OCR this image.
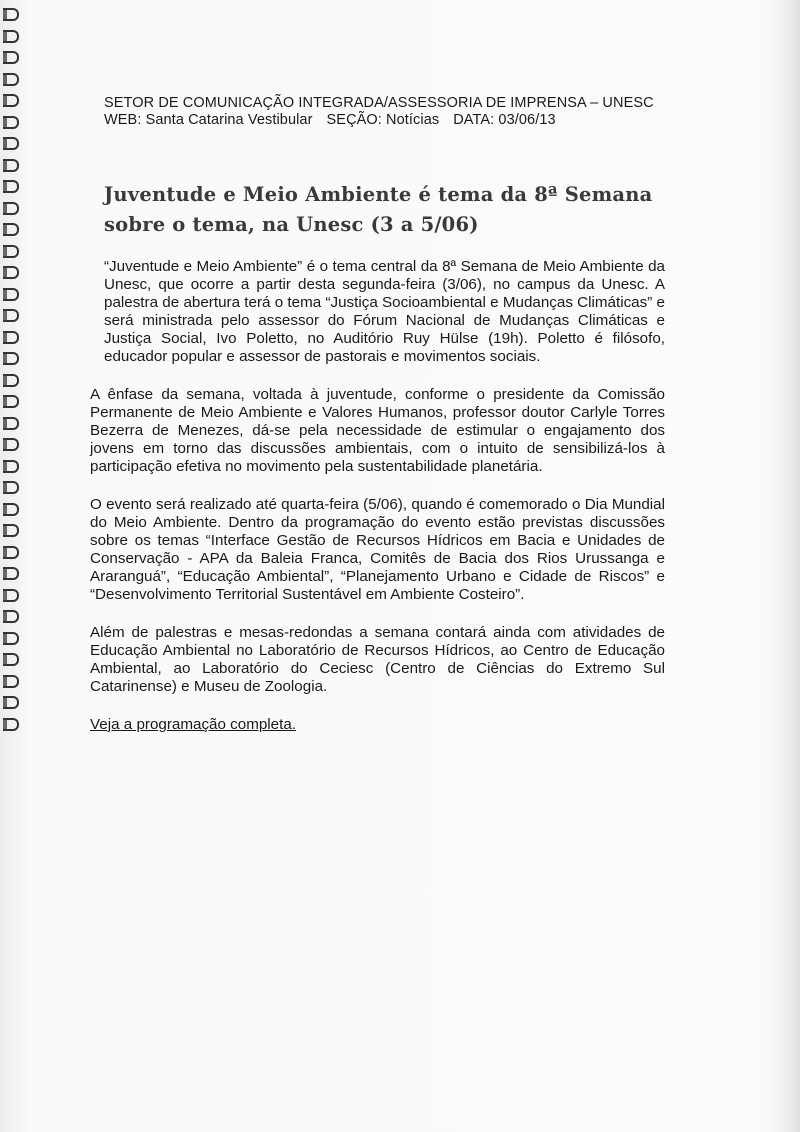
SETOR DE COMUNICAÇÃO INTEGRADA/ASSESSORIA DE IMPRENSA – UNESC
WEB: Santa Catarina Vestibular SEÇÃO: Notícias DATA: 03/06/13
Juventude e Meio Ambiente é tema da 8ª Semana sobre o tema, na Unesc (3 a 5/06)

“Juventude e Meio Ambiente” é o tema central da 8ª Semana de Meio Ambiente da Unesc, que ocorre a partir desta segunda-feira (3/06), no campus da Unesc. A palestra de abertura terá o tema “Justiça Socioambiental e Mudanças Climáticas” e será ministrada pelo assessor do Fórum Nacional de Mudanças Climáticas e Justiça Social, Ivo Poletto, no Auditório Ruy Hülse (19h). Poletto é filósofo, educador popular e assessor de pastorais e movimentos sociais.

A ênfase da semana, voltada à juventude, conforme o presidente da Comissão Permanente de Meio Ambiente e Valores Humanos, professor doutor Carlyle Torres Bezerra de Menezes, dá-se pela necessidade de estimular o engajamento dos jovens em torno das discussões ambientais, com o intuito de sensibilizá-los à participação efetiva no movimento pela sustentabilidade planetária.

O evento será realizado até quarta-feira (5/06), quando é comemorado o Dia Mundial do Meio Ambiente. Dentro da programação do evento estão previstas discussões sobre os temas “Interface Gestão de Recursos Hídricos em Bacia e Unidades de Conservação - APA da Baleia Franca, Comitês de Bacia dos Rios Urussanga e Araranguá”, “Educação Ambiental”, “Planejamento Urbano e Cidade de Riscos” e “Desenvolvimento Territorial Sustentável em Ambiente Costeiro”.

Além de palestras e mesas-redondas a semana contará ainda com atividades de Educação Ambiental no Laboratório de Recursos Hídricos, ao Centro de Educação Ambiental, ao Laboratório do Ceciesc (Centro de Ciências do Extremo Sul Catarinense) e Museu de Zoologia.

Veja a programação completa.
